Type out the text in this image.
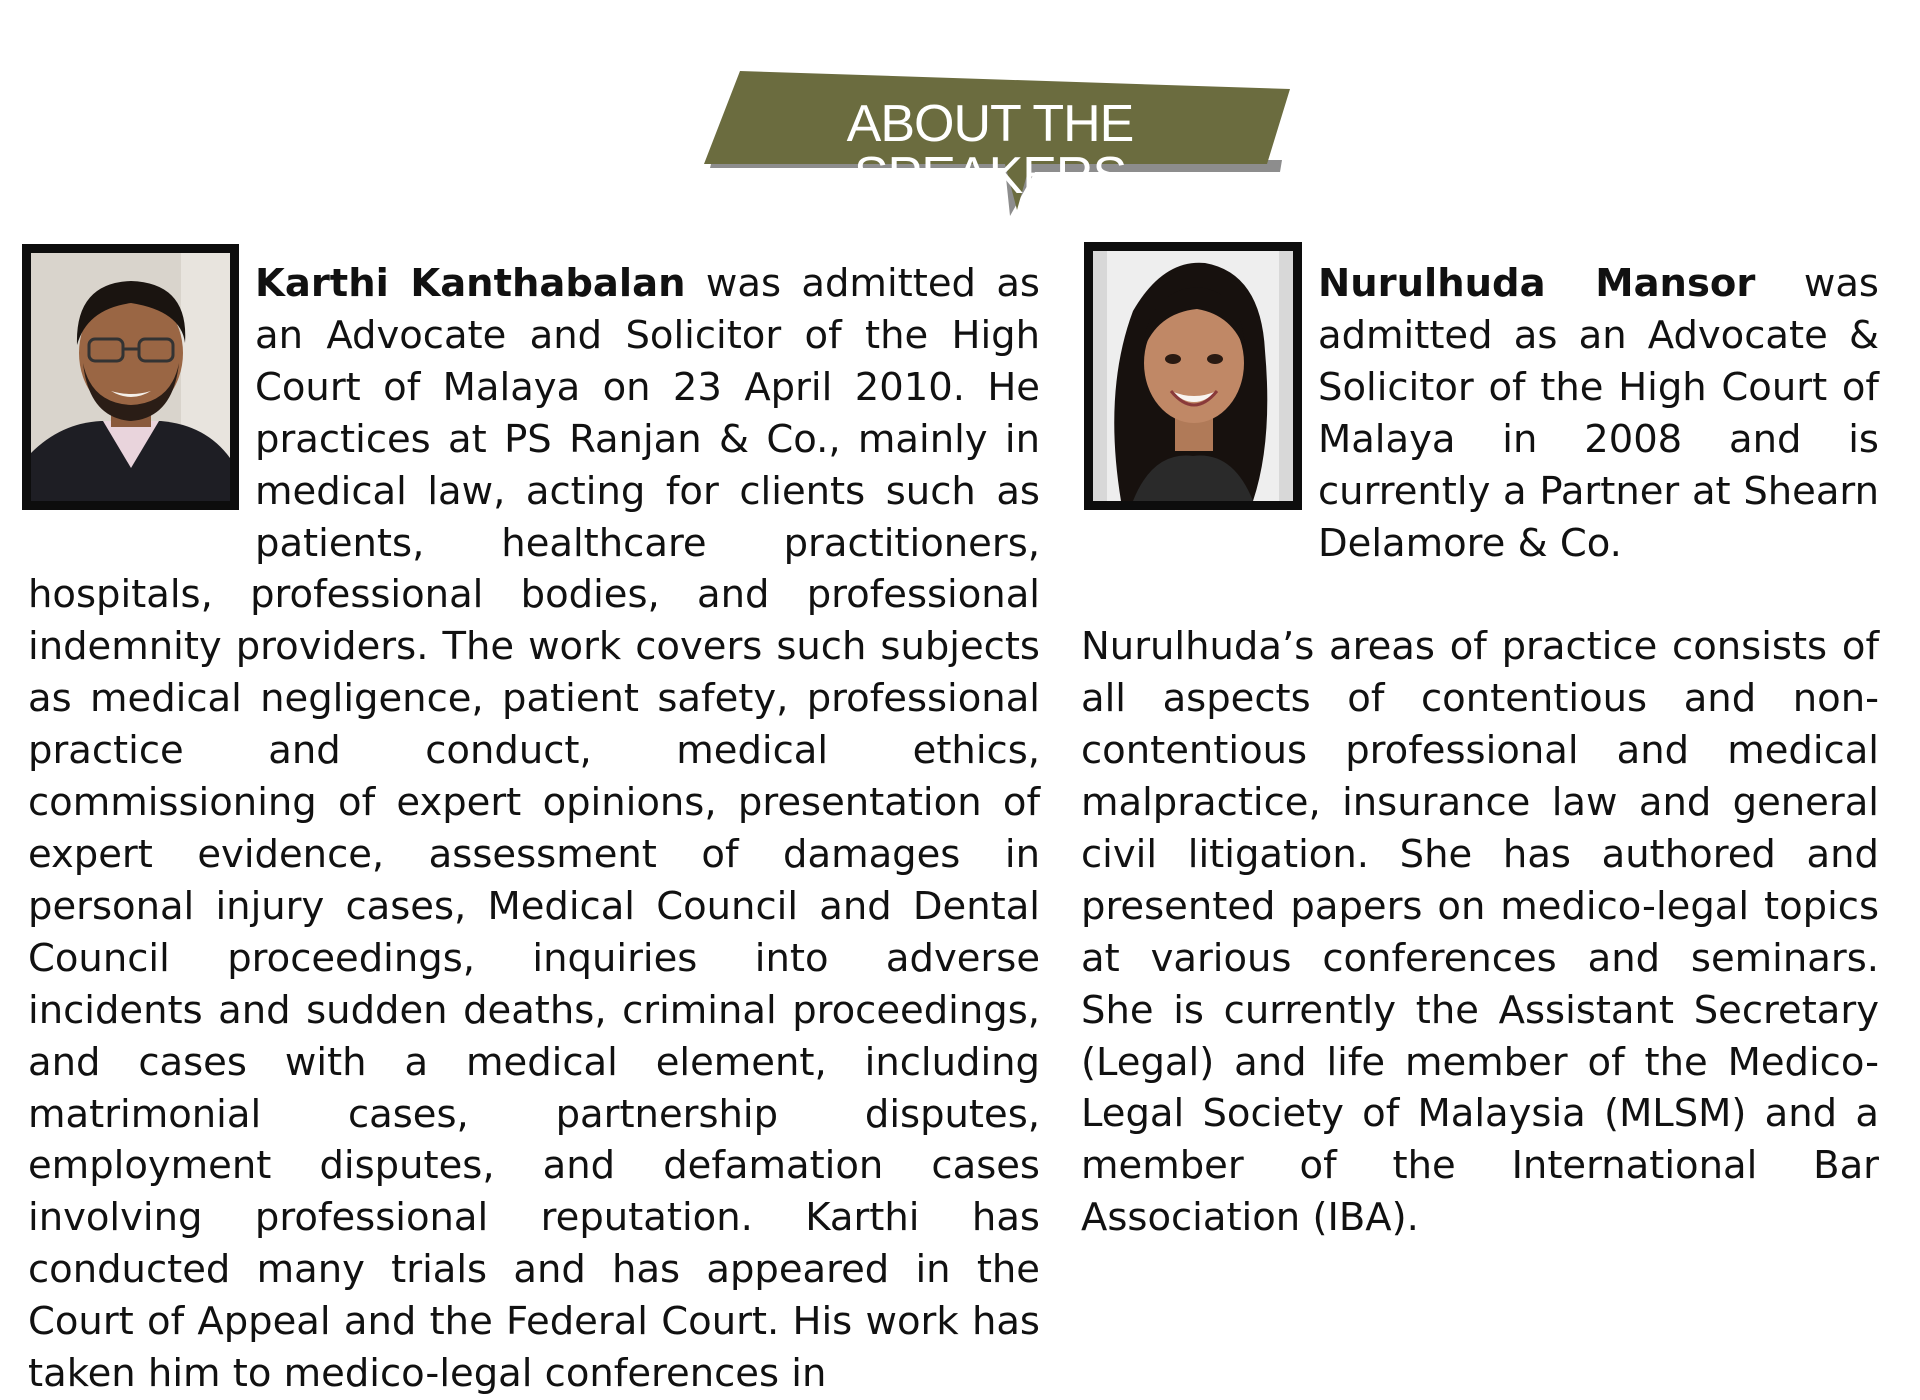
ABOUT THE SPEAKERS

Karthi Kanthabalan was admitted as an Advocate and Solicitor of the High Court of Malaya on 23 April 2010. He practices at PS Ranjan & Co., mainly in medical law, acting for clients such as patients, healthcare practitioners, hospitals, professional bodies, and professional indemnity providers. The work covers such subjects as medical negligence, patient safety, professional practice and conduct, medical ethics, commissioning of expert opinions, presentation of expert evidence, assessment of damages in personal injury cases, Medical Council and Dental Council proceedings, inquiries into adverse incidents and sudden deaths, criminal proceedings, and cases with a medical element, including matrimonial cases, partnership disputes, employment disputes, and defamation cases involving professional reputation. Karthi has conducted many trials and has appeared in the Court of Appeal and the Federal Court. His work has taken him to medico-legal conferences in

Nurulhuda Mansor was admitted as an Advocate & Solicitor of the High Court of Malaya in 2008 and is currently a Partner at Shearn Delamore & Co.

Nurulhuda’s areas of practice consists of all aspects of contentious and non-contentious professional and medical malpractice, insurance law and general civil litigation. She has authored and presented papers on medico-legal topics at various conferences and seminars. She is currently the Assistant Secretary (Legal) and life member of the Medico-Legal Society of Malaysia (MLSM) and a member of the International Bar Association (IBA).
